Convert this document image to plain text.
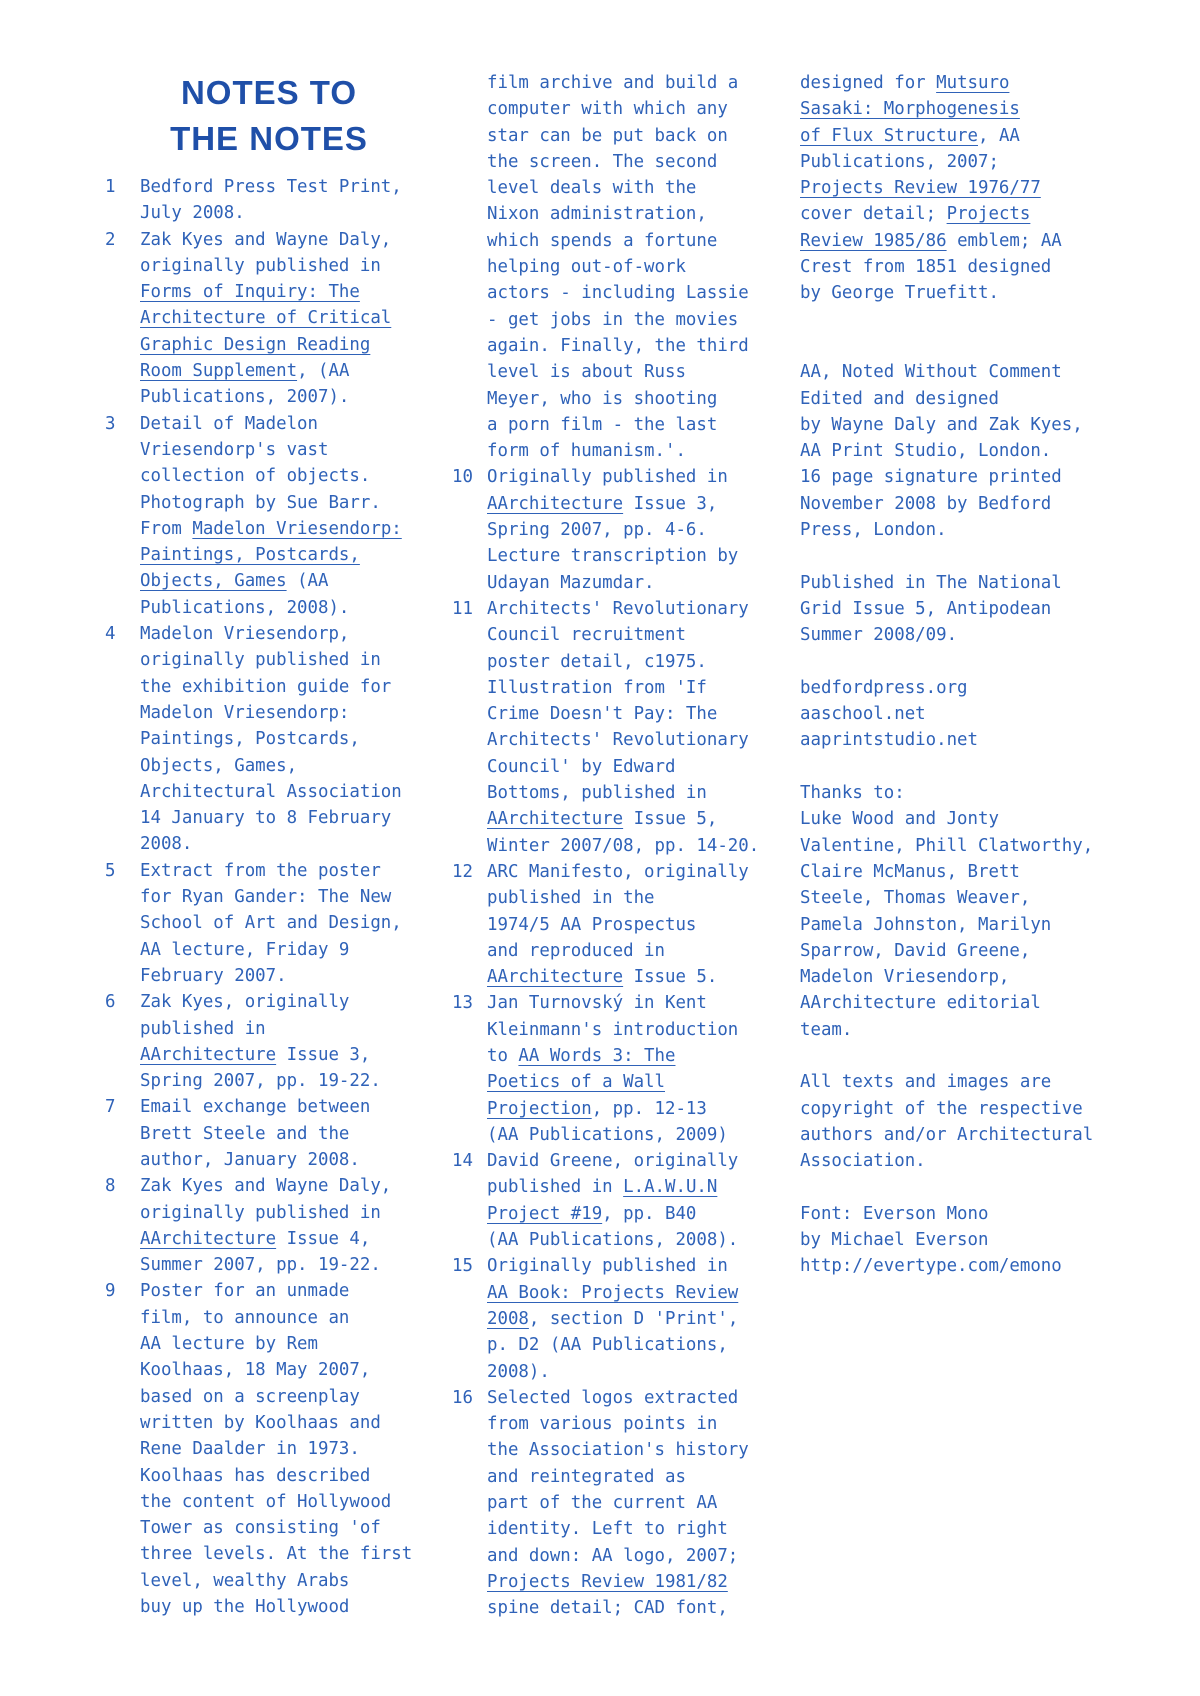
NOTES TO
THE NOTES
1	Bedford Press Test Print,
July 2008.
2	Zak Kyes and Wayne Daly,
originally published in
Forms of Inquiry: The
Architecture of Critical
Graphic Design Reading
Room Supplement, (AA
Publications, 2007).
3	Detail of Madelon
Vriesendorp's vast
collection of objects.
Photograph by Sue Barr.
From Madelon Vriesendorp:
Paintings, Postcards,
Objects, Games (AA
Publications, 2008).
4	Madelon Vriesendorp,
originally published in
the exhibition guide for
Madelon Vriesendorp:
Paintings, Postcards,
Objects, Games,
Architectural Association
14 January to 8 February
2008.
5	Extract from the poster
for Ryan Gander: The New
School of Art and Design,
AA lecture, Friday 9
February 2007.
6	Zak Kyes, originally
published in
AArchitecture Issue 3,
Spring 2007, pp. 19-22.
7	Email exchange between
Brett Steele and the
author, January 2008.
8	Zak Kyes and Wayne Daly,
originally published in
AArchitecture Issue 4,
Summer 2007, pp. 19-22.
9	Poster for an unmade
film, to announce an
AA lecture by Rem
Koolhaas, 18 May 2007,
based on a screenplay
written by Koolhaas and
Rene Daalder in 1973.
Koolhaas has described
the content of Hollywood
Tower as consisting 'of
three levels. At the first
level, wealthy Arabs
buy up the Hollywood
film archive and build a
computer with which any
star can be put back on
the screen. The second
level deals with the
Nixon administration,
which spends a fortune
helping out-of-work
actors - including Lassie
- get jobs in the movies
again. Finally, the third
level is about Russ
Meyer, who is shooting
a porn film - the last
form of humanism.'.
10 Originally published in
AArchitecture Issue 3,
Spring 2007, pp. 4-6.
Lecture transcription by
Udayan Mazumdar.
11 Architects' Revolutionary
Council recruitment
poster detail, c1975.
Illustration from 'If
Crime Doesn't Pay: The
Architects' Revolutionary
Council' by Edward
Bottoms, published in
AArchitecture Issue 5,
Winter 2007/08, pp. 14-20.
12 ARC Manifesto, originally
published in the
1974/5 AA Prospectus
and reproduced in
AArchitecture Issue 5.
13 Jan Turnovský in Kent
Kleinmann's introduction
to AA Words 3: The
Poetics of a Wall
Projection, pp. 12-13
(AA Publications, 2009)
14 David Greene, originally
published in L.A.W.U.N
Project #19, pp. B40
(AA Publications, 2008).
15 Originally published in
AA Book: Projects Review
2008, section D 'Print',
p. D2 (AA Publications,
2008).
16 Selected logos extracted
from various points in
the Association's history
and reintegrated as
part of the current AA
identity. Left to right
and down: AA logo, 2007;
Projects Review 1981/82
spine detail; CAD font,
designed for Mutsuro
Sasaki: Morphogenesis
of Flux Structure, AA
Publications, 2007;
Projects Review 1976/77
cover detail; Projects
Review 1985/86 emblem; AA
Crest from 1851 designed
by George Truefitt.
AA, Noted Without Comment
Edited and designed
by Wayne Daly and Zak Kyes,
AA Print Studio, London.
16 page signature printed
November 2008 by Bedford
Press, London.
Published in The National
Grid Issue 5, Antipodean
Summer 2008/09.
bedfordpress.org
aaschool.net
aaprintstudio.net
Thanks to:
Luke Wood and Jonty
Valentine, Phill Clatworthy,
Claire McManus, Brett
Steele, Thomas Weaver,
Pamela Johnston, Marilyn
Sparrow, David Greene,
Madelon Vriesendorp,
AArchitecture editorial
team.
All texts and images are
copyright of the respective
authors and/or Architectural
Association.
Font: Everson Mono
by Michael Everson
http://evertype.com/emono
